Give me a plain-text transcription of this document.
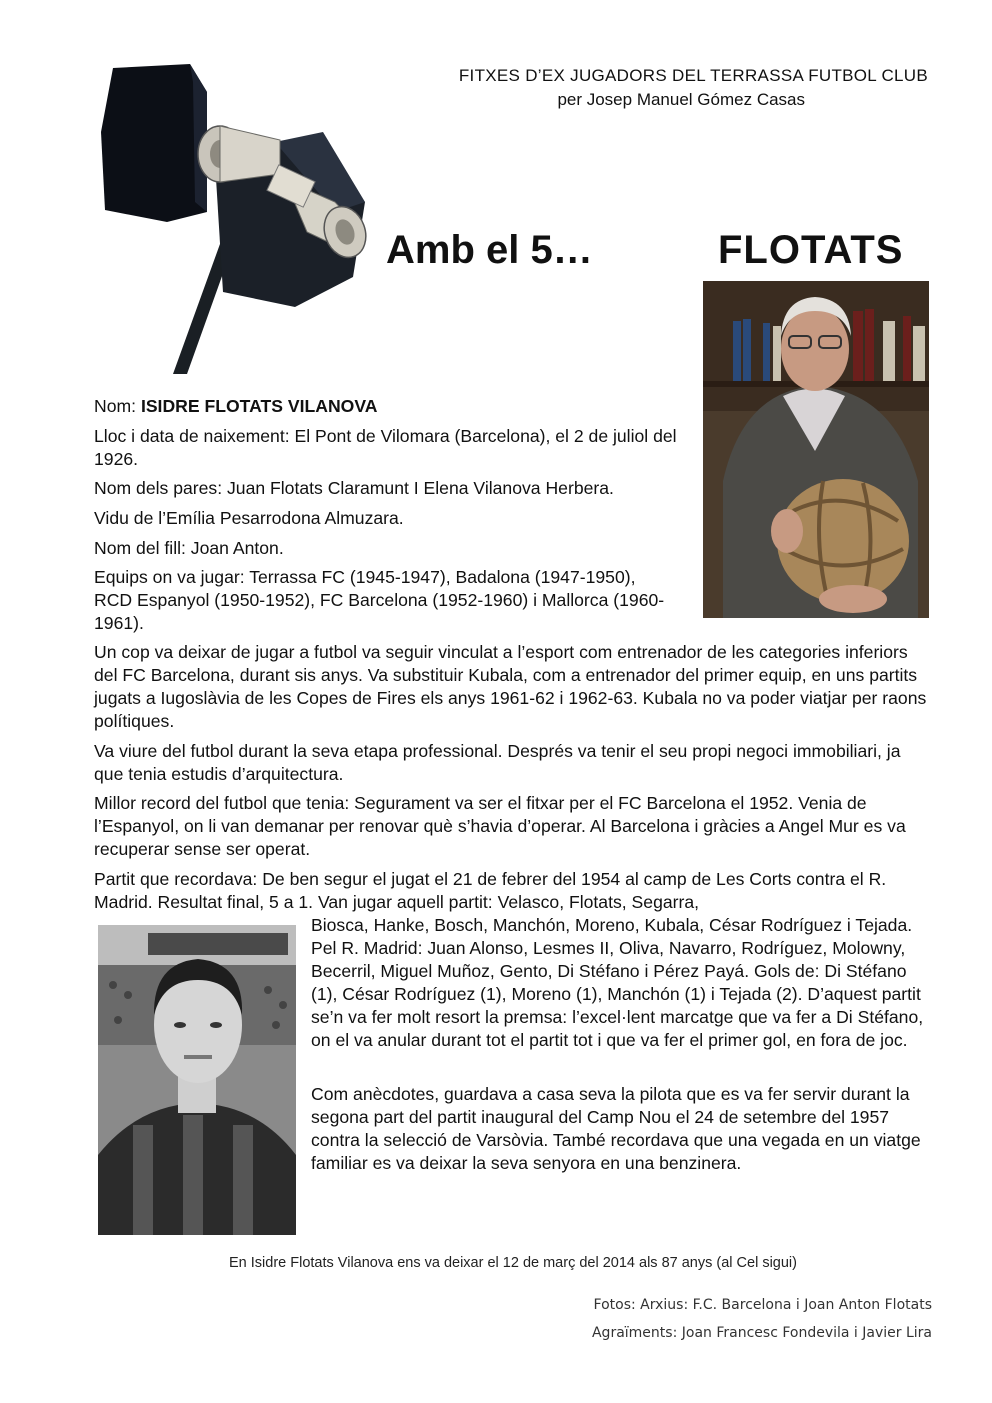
FITXES D’EX JUGADORS DEL TERRASSA FUTBOL CLUB
per Josep Manuel Gómez Casas
Amb el 5…	FLOTATS
Nom: ISIDRE FLOTATS VILANOVA
Lloc i data de naixement: El Pont de Vilomara (Barcelona), el 2 de juliol del 1926.
Nom dels pares: Juan Flotats Claramunt I Elena Vilanova Herbera.
Vidu de l’Emília Pesarrodona Almuzara.
Nom del fill: Joan Anton.
Equips on va jugar: Terrassa FC (1945-1947), Badalona (1947-1950), RCD Espanyol (1950-1952), FC Barcelona (1952-1960) i Mallorca (1960-1961).
Un cop va deixar de jugar a futbol va seguir vinculat a l’esport com entrenador de les categories inferiors del FC Barcelona, durant sis anys. Va substituir Kubala, com a entrenador del primer equip, en uns partits jugats a Iugoslàvia de les Copes de Fires els anys 1961-62 i 1962-63. Kubala no va poder viatjar per raons polítiques.
Va viure del futbol durant la seva etapa professional. Després va tenir el seu propi negoci immobiliari, ja que tenia estudis d’arquitectura.
Millor record del futbol que tenia: Segurament va ser el fitxar per el FC Barcelona el 1952. Venia de l’Espanyol, on li van demanar per renovar què s’havia d’operar. Al Barcelona i gràcies a Angel Mur es va recuperar sense ser operat.
Partit que recordava: De ben segur el jugat el 21 de febrer del 1954 al camp de Les Corts contra el R. Madrid. Resultat final, 5 a 1. Van jugar aquell partit: Velasco, Flotats, Segarra,
Biosca, Hanke, Bosch, Manchón, Moreno, Kubala, César Rodríguez i Tejada. Pel R. Madrid: Juan Alonso, Lesmes II, Oliva, Navarro, Rodríguez, Molowny, Becerril, Miguel Muñoz, Gento, Di Stéfano i Pérez Payá. Gols de: Di Stéfano (1), César Rodríguez (1), Moreno (1), Manchón (1) i Tejada (2). D’aquest partit se’n va fer molt resort la premsa: l’excel·lent marcatge que va fer a Di Stéfano, on el va anular durant tot el partit tot i que va fer el primer gol, en fora de joc.
Com anècdotes, guardava a casa seva la pilota que es va fer servir durant la segona part del partit inaugural del Camp Nou el 24 de setembre del 1957 contra la selecció de Varsòvia. També recordava que una vegada en un viatge familiar es va deixar la seva senyora en una benzinera.
En Isidre Flotats Vilanova ens va deixar el 12 de març del 2014 als 87 anys (al Cel sigui)
Fotos: Arxius: F.C. Barcelona i Joan Anton Flotats
Agraïments: Joan Francesc Fondevila i Javier Lira
